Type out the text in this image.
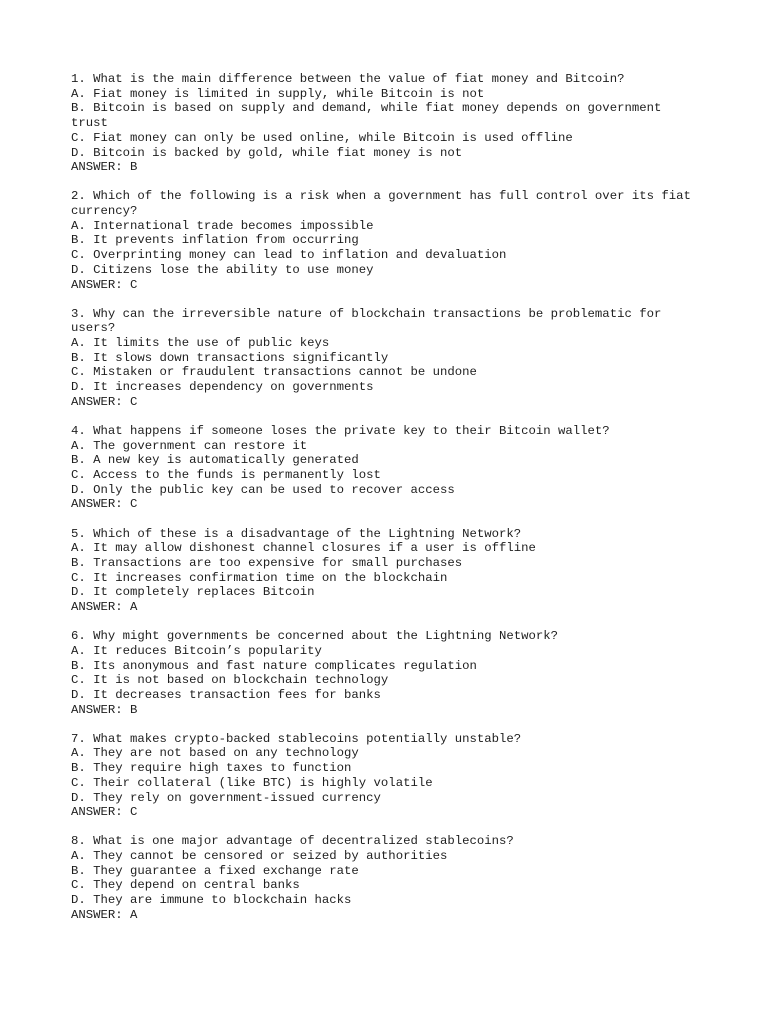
1. What is the main difference between the value of fiat money and Bitcoin?
A. Fiat money is limited in supply, while Bitcoin is not
B. Bitcoin is based on supply and demand, while fiat money depends on government trust
C. Fiat money can only be used online, while Bitcoin is used offline
D. Bitcoin is backed by gold, while fiat money is not
ANSWER: B
2. Which of the following is a risk when a government has full control over its fiat currency?
A. International trade becomes impossible
B. It prevents inflation from occurring
C. Overprinting money can lead to inflation and devaluation
D. Citizens lose the ability to use money
ANSWER: C
3. Why can the irreversible nature of blockchain transactions be problematic for users?
A. It limits the use of public keys
B. It slows down transactions significantly
C. Mistaken or fraudulent transactions cannot be undone
D. It increases dependency on governments
ANSWER: C
4. What happens if someone loses the private key to their Bitcoin wallet?
A. The government can restore it
B. A new key is automatically generated
C. Access to the funds is permanently lost
D. Only the public key can be used to recover access
ANSWER: C
5. Which of these is a disadvantage of the Lightning Network?
A. It may allow dishonest channel closures if a user is offline
B. Transactions are too expensive for small purchases
C. It increases confirmation time on the blockchain
D. It completely replaces Bitcoin
ANSWER: A
6. Why might governments be concerned about the Lightning Network?
A. It reduces Bitcoin’s popularity
B. Its anonymous and fast nature complicates regulation
C. It is not based on blockchain technology
D. It decreases transaction fees for banks
ANSWER: B
7. What makes crypto-backed stablecoins potentially unstable?
A. They are not based on any technology
B. They require high taxes to function
C. Their collateral (like BTC) is highly volatile
D. They rely on government-issued currency
ANSWER: C
8. What is one major advantage of decentralized stablecoins?
A. They cannot be censored or seized by authorities
B. They guarantee a fixed exchange rate
C. They depend on central banks
D. They are immune to blockchain hacks
ANSWER: A
